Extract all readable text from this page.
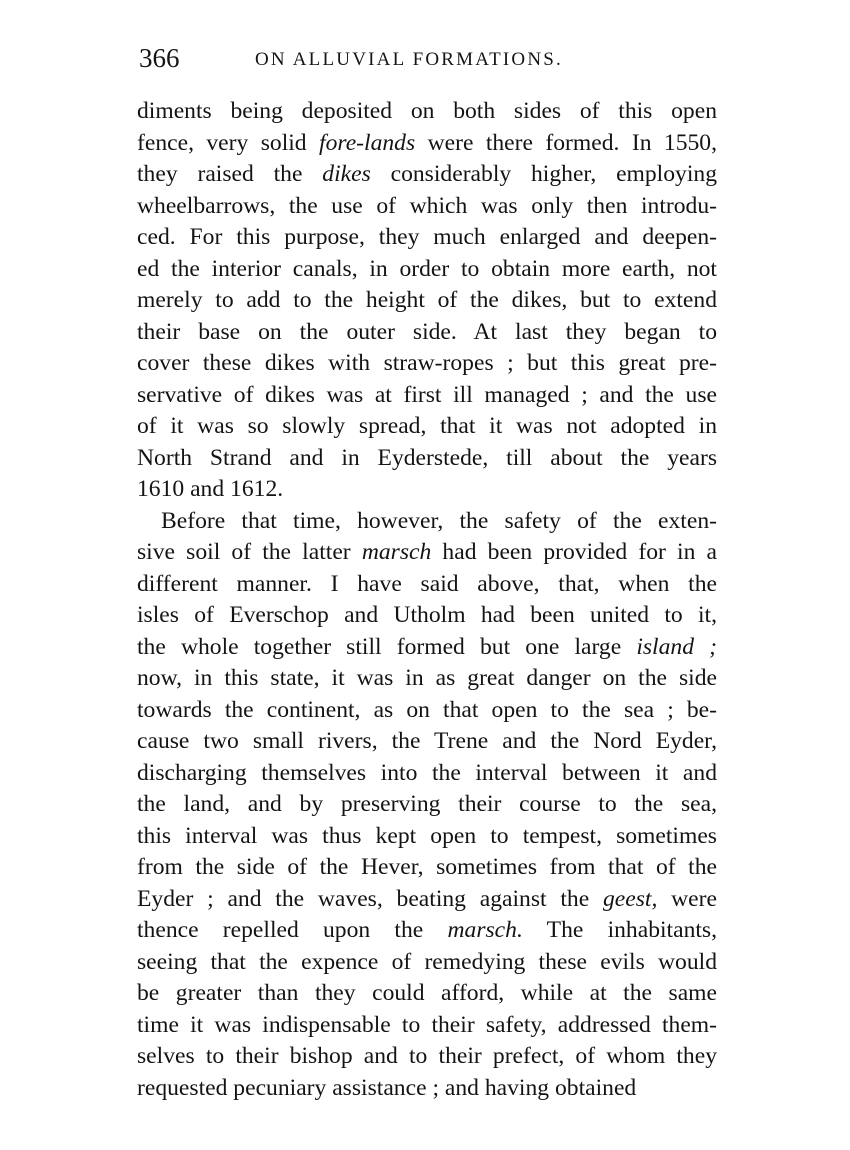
366	ON ALLUVIAL FORMATIONS.
diments being deposited on both sides of this open
fence, very solid fore-lands were there formed. In 1550,
they raised the dikes considerably higher, employing
wheelbarrows, the use of which was only then introdu-
ced. For this purpose, they much enlarged and deepen-
ed the interior canals, in order to obtain more earth, not
merely to add to the height of the dikes, but to extend
their base on the outer side. At last they began to
cover these dikes with straw-ropes ; but this great pre-
servative of dikes was at first ill managed ; and the use
of it was so slowly spread, that it was not adopted in
North Strand and in Eyderstede, till about the years
1610 and 1612.
Before that time, however, the safety of the exten-
sive soil of the latter marsch had been provided for in a
different manner. I have said above, that, when the
isles of Everschop and Utholm had been united to it,
the whole together still formed but one large island ;
now, in this state, it was in as great danger on the side
towards the continent, as on that open to the sea ; be-
cause two small rivers, the Trene and the Nord Eyder,
discharging themselves into the interval between it and
the land, and by preserving their course to the sea,
this interval was thus kept open to tempest, sometimes
from the side of the Hever, sometimes from that of the
Eyder ; and the waves, beating against the geest, were
thence repelled upon the marsch. The inhabitants,
seeing that the expence of remedying these evils would
be greater than they could afford, while at the same
time it was indispensable to their safety, addressed them-
selves to their bishop and to their prefect, of whom they
requested pecuniary assistance ; and having obtained
